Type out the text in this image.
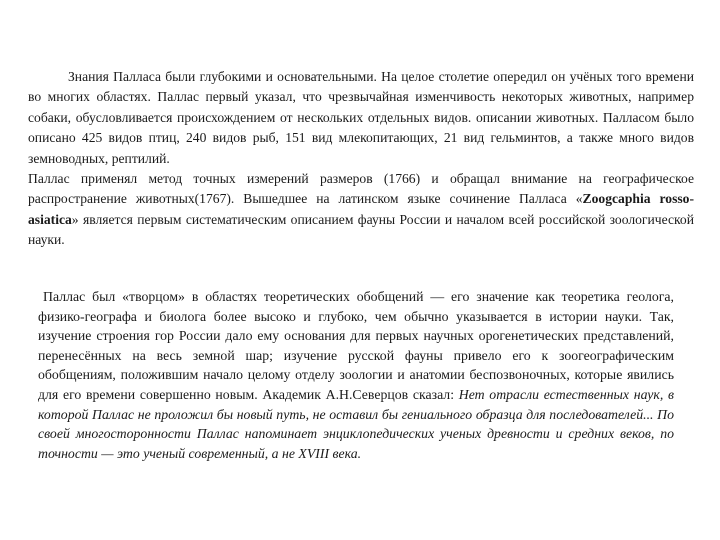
Знания Палласа были глубокими и основательными. На целое столетие опередил он учёных того времени во многих областях. Паллас первый указал, что чрезвычайная изменчивость некоторых животных, например собаки, обусловливается происхождением от нескольких отдельных видов. описании животных. Палласом было описано 425 видов птиц, 240 видов рыб, 151 вид млекопитающих, 21 вид гельминтов, а также много видов земноводных, рептилий.

Паллас применял метод точных измерений размеров (1766) и обращал внимание на географическое распространение животных(1767). Вышедшее на латинском языке сочинение Палласа «Zoogcaphia rosso-asiatica» является первым систематическим описанием фауны России и началом всей российской зоологической науки.

Паллас был «творцом» в областях теоретических обобщений — его значение как теоретика геолога, физико-географа и биолога более высоко и глубоко, чем обычно указывается в истории науки. Так, изучение строения гор России дало ему основания для первых научных орогенетических представлений, перенесённых на весь земной шар; изучение русской фауны привело его к зоогеографическим обобщениям, положившим начало целому отделу зоологии и анатомии беспозвоночных, которые явились для его времени совершенно новым. Академик А.Н.Северцов сказал: Нет отрасли естественных наук, в которой Паллас не проложил бы новый путь, не оставил бы гениального образца для последователей... По своей многосторонности Паллас напоминает энциклопедических ученых древности и средних веков, по точности — это ученый современный, а не XVIII века.
